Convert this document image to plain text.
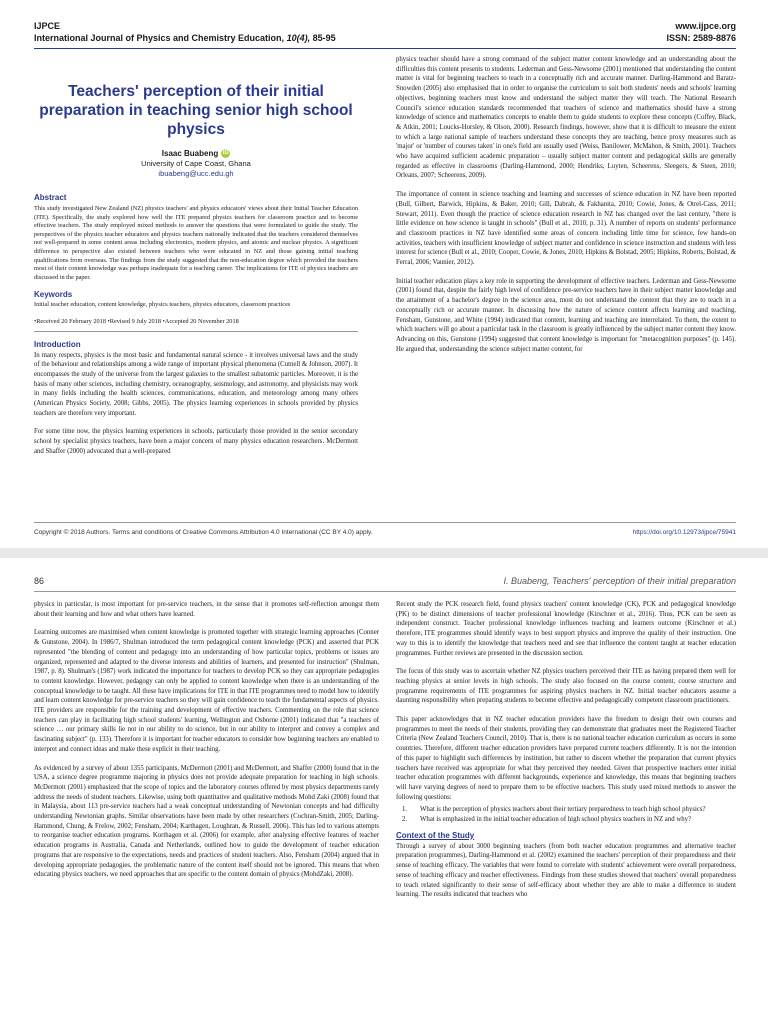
IJPCE	www.ijpce.org
International Journal of Physics and Chemistry Education, 10(4), 85-95	ISSN: 2589-8876
Teachers' perception of their initial preparation in teaching senior high school physics
Isaac Buabeng iD
University of Cape Coast, Ghana
ibuabeng@ucc.edu.gh
Abstract
This study investigated New Zealand (NZ) physics teachers' and physics educators' views about their Initial Teacher Education (ITE). Specifically, the study explored how well the ITE prepared physics teachers for classroom practice and to become effective teachers. The study employed mixed methods to answer the questions that were formulated to guide the study. The perspectives of the physics teacher educators and physics teachers nationally indicated that the teachers considered themselves not well-prepared in some content areas including electronics, modern physics, and atomic and nuclear physics. A significant difference in perspective also existed between teachers who were educated in NZ and those gaining initial teaching qualifications from overseas. The findings from the study suggested that the non-education degree which provided the teachers most of their content knowledge was perhaps inadequate for a teaching career. The implications for ITE of physics teachers are discussed in the paper.
Keywords
Initial teacher education, content knowledge, physics teachers, physics educators, classroom practices
•Received 20 February 2018 •Revised 9 July 2018 •Accepted 20 November 2018
Introduction

In many respects, physics is the most basic and fundamental natural science - it involves universal laws and the study of the behaviour and relationships among a wide range of important physical phenomena (Cutnell & Johnson, 2007). It encompasses the study of the universe from the largest galaxies to the smallest subatomic particles. Moreover, it is the basis of many other sciences, including chemistry, oceanography, seismology, and astronomy, and physicists may work in many fields including the health sciences, communications, education, and meteorology among many others (American Physics Society, 2008; Gibbs, 2005). The physics learning experiences in schools provided by physics teachers are therefore very important.

For some time now, the physics learning experiences in schools, particularly those provided in the senior secondary school by specialist physics teachers, have been a major concern of many physics education researchers. McDermott and Shaffer (2000) advocated that a well-prepared

physics teacher should have a strong command of the subject matter content knowledge and an understanding about the difficulties this content presents to students. Lederman and Gess-Newsome (2001) mentioned that understanding the content matter is vital for beginning teachers to teach in a conceptually rich and accurate manner. Darling-Hammond and Baratz-Snowden (2005) also emphasised that in order to organise the curriculum to suit both students' needs and schools' learning objectives, beginning teachers must know and understand the subject matter they will teach. The National Research Council's science education standards recommended that teachers of science and mathematics should have a strong knowledge of science and mathematics concepts to enable them to guide students to explore these concepts (Coffey, Black, & Atkin, 2001; Loucks-Horsley, & Olson, 2000). Research findings, however, show that it is difficult to measure the extent to which a large national sample of teachers understand these concepts they are teaching, hence proxy measures such as 'major' or 'number of courses taken' in one's field are usually used (Weiss, Banilower, McMahon, & Smith, 2001). Teachers who have acquired sufficient academic preparation – usually subject matter content and pedagogical skills are generally regarded as effective in classrooms (Darling-Hammond, 2000; Hendriks, Luyten, Scheerens, Sleegers, & Steen, 2010; Orleans, 2007; Scheerens, 2009).

The importance of content in science teaching and learning and successes of science education in NZ have been reported (Bull, Gilbert, Barwick, Hipkins, & Baker, 2010; Gill, Dabrah, & Fakhanita, 2010; Cowie, Jones, & Otrel-Cass, 2011; Stewart, 2011). Even though the practice of science education research in NZ has changed over the last century, "there is little evidence on how science is taught in schools" (Bull et al., 2010, p. 31). A number of reports on students' performance and classroom practices in NZ have identified some areas of concern including little time for science, few hands-on activities, teachers with insufficient knowledge of subject matter and confidence in science instruction and students with less interest for science (Bull et al., 2010; Cooper, Cowie, & Jones, 2010; Hipkins & Bolstad, 2005; Hipkins, Roberts, Bolstad, & Ferral, 2006; Vaunier, 2012).

Initial teacher education plays a key role in supporting the development of effective teachers. Lederman and Gess-Newsome (2001) found that, despite the fairly high level of confidence pre-service teachers have in their subject matter knowledge and the attainment of a bachelor's degree in the science area, most do not understand the content that they are to teach in a conceptually rich or accurate manner. In discussing how the nature of science content affects learning and teaching, Fensham, Gunstone, and White (1994) indicated that content, learning and teaching are interrelated. To them, the extent to which teachers will go about a particular task in the classroom is greatly influenced by the subject matter content they know. Advancing on this, Gunstone (1994) suggested that content knowledge is important for "metacognition purposes" (p. 145). He argued that, understanding the science subject matter content, for

Copyright © 2018 Authors. Terms and conditions of Creative Commons Attribution 4.0 International (CC BY 4.0) apply.	https://doi.org/10.12973/ijpce/75941
86	I. Buabeng, Teachers' perception of their initial preparation

physics in particular, is most important for pre-service teachers, in the sense that it promotes self-reflection amongst them about their learning and how and what others have learned.

Learning outcomes are maximised when content knowledge is promoted together with strategic learning approaches (Conner & Gunstone, 2004). In 1986/7, Shulman introduced the term pedagogical content knowledge (PCK) and asserted that PCK represented "the blending of content and pedagogy into an understanding of how particular topics, problems or issues are organized, represented and adapted to the diverse interests and abilities of learners, and presented for instruction" (Shulman, 1987, p. 8). Shulman's (1987) work indicated the importance for teachers to develop PCK so they can appropriate pedagogies to content knowledge. However, pedagogy can only be applied to content knowledge when there is an understanding of the conceptual knowledge to be taught. All these have implications for ITE in that ITE programmes need to model how to identify and learn content knowledge for pre-service teachers so they will gain confidence to teach the fundamental aspects of physics. ITE providers are responsible for the training and development of effective teachers. Commenting on the role that science teachers can play in facilitating high school students' learning, Wellington and Osborne (2001) indicated that "a teachers of science … our primary skills lie not in our ability to do science, but in our ability to interpret and convey a complex and fascinating subject" (p. 133). Therefore it is important for teacher educators to consider how beginning teachers are enabled to interpret and connect ideas and make these explicit in their teaching.

As evidenced by a survey of about 1355 participants, McDermott (2001) and McDermott, and Shaffer (2000) found that in the USA, a science degree programme majoring in physics does not provide adequate preparation for teaching in high schools. McDermott (2001) emphasized that the scope of topics and the laboratory courses offered by most physics departments rarely address the needs of student teachers. Likewise, using both quantitative and qualitative methods Mohd Zaki (2008) found that in Malaysia, about 113 pre-service teachers had a weak conceptual understanding of Newtonian concepts and had difficulty understanding Newtonian graphs. Similar observations have been made by other researchers (Cochran-Smith, 2005; Darling-Hammond, Chung, & Frelow, 2002; Fensham, 2004; Karthagen, Loughran, & Russell, 2006). This has led to various attempts to reorganise teacher education programs. Korthagen et al. (2006) for example, after analysing effective features of teacher education programs in Australia, Canada and Netherlands, outlined how to guide the development of teacher education programs that are responsive to the expectations, needs and practices of student teachers. Also, Fensham (2004) argued that in developing appropriate pedagogies, the problematic nature of the content itself should not be ignored. This means that when educating physics teachers, we need approaches that are specific to the content domain of physics (MohdZaki, 2008).

Recent study the PCK research field, found physics teachers' content knowledge (CK), PCK and pedagogical knowledge (PK) to be distinct dimensions of teacher professional knowledge (Kirschner et al., 2016). Thus, PCK can be seen as independent construct. Teacher professional knowledge influences teaching and learners outcome (Kirschner et al.) therefore, ITE programmes should identify ways to best support physics and improve the quality of their instruction. One way to this is to identify the knowledge that teachers need and see that influence the content taught at teacher education programmes. Further reviews are presented in the discussion section.

The focus of this study was to ascertain whether NZ physics teachers perceived their ITE as having prepared them well for teaching physics at senior levels in high schools. The study also focused on the course content, course structure and programme requirements of ITE programmes for aspiring physics teachers in NZ. Initial teacher educators assume a daunting responsibility when preparing students to become effective and pedagogically competent classroom practitioners.

This paper acknowledges that in NZ teacher education providers have the freedom to design their own courses and programmes to meet the needs of their students, providing they can demonstrate that graduates meet the Registered Teacher Criteria (New Zealand Teachers Council, 2010). That is, there is no national teacher education curriculum as occurs in some countries. Therefore, different teacher education providers have prepared current teachers differently. It is not the intention of this paper to highlight such differences by institution, but rather to discern whether the preparation that current physics teachers have received was appropriate for what they perceived they needed. Given that prospective teachers enter initial teacher education programmes with different backgrounds, experience and knowledge, this means that beginning teachers will have varying degrees of need to prepare them to be effective teachers. This study used mixed methods to answer the following questions:

1.	What is the perception of physics teachers about their tertiary preparedness to teach high school physics?
2.	What is emphasized in the initial teacher education of high school physics teachers in NZ and why?
Context of the Study

Through a survey of about 3000 beginning teachers (from both teacher education programmes and alternative teacher preparation programmes), Darling-Hammond et al. (2002) examined the teachers' perception of their preparedness and their sense of teaching efficacy. The variables that were found to correlate with students' achievement were overall preparedness, sense of teaching efficacy and teacher effectiveness. Findings from these studies showed that teachers' overall preparedness to teach related significantly to their sense of self-efficacy about whether they are able to make a difference to student learning. The results indicated that teachers who
